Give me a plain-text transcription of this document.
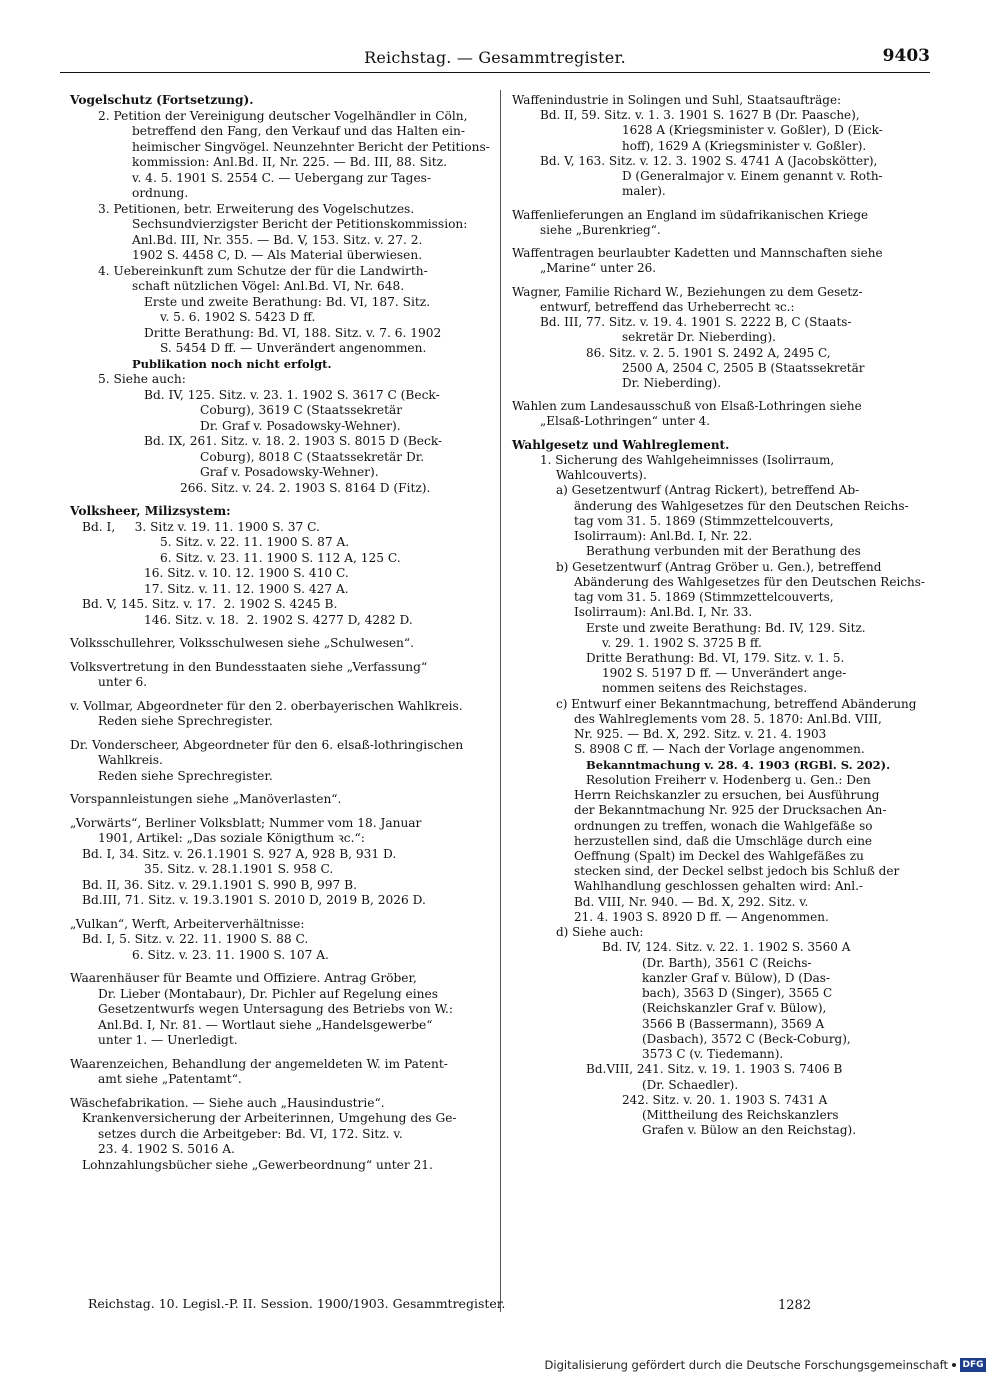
Reichstag. — Gesammtregister.	9403
Vogelschutz (Fortsetzung).
2. Petition der Vereinigung deutscher Vogelhändler in Cöln,
betreffend den Fang, den Verkauf und das Halten ein-
heimischer Singvögel. Neunzehnter Bericht der Petitions-
kommission: Anl.Bd. II, Nr. 225. — Bd. III, 88. Sitz.
v. 4. 5. 1901 S. 2554 C. — Uebergang zur Tages-
ordnung.
3. Petitionen, betr. Erweiterung des Vogelschutzes.
Sechsundvierzigster Bericht der Petitionskommission:
Anl.Bd. III, Nr. 355. — Bd. V, 153. Sitz. v. 27. 2.
1902 S. 4458 C, D. — Als Material überwiesen.
4. Uebereinkunft zum Schutze der für die Landwirth-
schaft nützlichen Vögel: Anl.Bd. VI, Nr. 648.
Erste und zweite Berathung: Bd. VI, 187. Sitz.
v. 5. 6. 1902 S. 5423 D ff.
Dritte Berathung: Bd. VI, 188. Sitz. v. 7. 6. 1902
S. 5454 D ff. — Unverändert angenommen.
Publikation noch nicht erfolgt.
5. Siehe auch:
Bd. IV, 125. Sitz. v. 23. 1. 1902 S. 3617 C (Beck-
Coburg), 3619 C (Staatssekretär
Dr. Graf v. Posadowsky-Wehner).
Bd. IX, 261. Sitz. v. 18. 2. 1903 S. 8015 D (Beck-
Coburg), 8018 C (Staatssekretär Dr.
Graf v. Posadowsky-Wehner).
266. Sitz. v. 24. 2. 1903 S. 8164 D (Fitz).
Volksheer, Milizsystem:
Bd. I,     3. Sitz v. 19. 11. 1900 S. 37 C.
5. Sitz. v. 22. 11. 1900 S. 87 A.
6. Sitz. v. 23. 11. 1900 S. 112 A, 125 C.
16. Sitz. v. 10. 12. 1900 S. 410 C.
17. Sitz. v. 11. 12. 1900 S. 427 A.
Bd. V, 145. Sitz. v. 17.  2. 1902 S. 4245 B.
146. Sitz. v. 18.  2. 1902 S. 4277 D, 4282 D.
Volksschullehrer, Volksschulwesen siehe „Schulwesen“.
Volksvertretung in den Bundesstaaten siehe „Verfassung“
unter 6.
v. Vollmar, Abgeordneter für den 2. oberbayerischen Wahlkreis.
Reden siehe Sprechregister.
Dr. Vonderscheer, Abgeordneter für den 6. elsaß-lothringischen
Wahlkreis.
Reden siehe Sprechregister.
Vorspannleistungen siehe „Manöverlasten“.
„Vorwärts“, Berliner Volksblatt; Nummer vom 18. Januar
1901, Artikel: „Das soziale Königthum ꝛc.“:
Bd. I, 34. Sitz. v. 26.1.1901 S. 927 A, 928 B, 931 D.
35. Sitz. v. 28.1.1901 S. 958 C.
Bd. II, 36. Sitz. v. 29.1.1901 S. 990 B, 997 B.
Bd.III, 71. Sitz. v. 19.3.1901 S. 2010 D, 2019 B, 2026 D.
„Vulkan“, Werft, Arbeiterverhältnisse:
Bd. I, 5. Sitz. v. 22. 11. 1900 S. 88 C.
6. Sitz. v. 23. 11. 1900 S. 107 A.
Waarenhäuser für Beamte und Offiziere. Antrag Gröber,
Dr. Lieber (Montabaur), Dr. Pichler auf Regelung eines
Gesetzentwurfs wegen Untersagung des Betriebs von W.:
Anl.Bd. I, Nr. 81. — Wortlaut siehe „Handelsgewerbe“
unter 1. — Unerledigt.
Waarenzeichen, Behandlung der angemeldeten W. im Patent-
amt siehe „Patentamt“.
Wäschefabrikation. — Siehe auch „Hausindustrie“.
Krankenversicherung der Arbeiterinnen, Umgehung des Ge-
setzes durch die Arbeitgeber: Bd. VI, 172. Sitz. v.
23. 4. 1902 S. 5016 A.
Lohnzahlungsbücher siehe „Gewerbeordnung“ unter 21.
Waffenindustrie in Solingen und Suhl, Staatsaufträge:
Bd. II, 59. Sitz. v. 1. 3. 1901 S. 1627 B (Dr. Paasche),
1628 A (Kriegsminister v. Goßler), D (Eick-
hoff), 1629 A (Kriegsminister v. Goßler).
Bd. V, 163. Sitz. v. 12. 3. 1902 S. 4741 A (Jacobskötter),
D (Generalmajor v. Einem genannt v. Roth-
maler).
Waffenlieferungen an England im südafrikanischen Kriege
siehe „Burenkrieg“.
Waffentragen beurlaubter Kadetten und Mannschaften siehe
„Marine“ unter 26.
Wagner, Familie Richard W., Beziehungen zu dem Gesetz-
entwurf, betreffend das Urheberrecht ꝛc.:
Bd. III, 77. Sitz. v. 19. 4. 1901 S. 2222 B, C (Staats-
sekretär Dr. Nieberding).
86. Sitz. v. 2. 5. 1901 S. 2492 A, 2495 C,
2500 A, 2504 C, 2505 B (Staatssekretär
Dr. Nieberding).
Wahlen zum Landesausschuß von Elsaß-Lothringen siehe
„Elsaß-Lothringen“ unter 4.
Wahlgesetz und Wahlreglement.
1. Sicherung des Wahlgeheimnisses (Isolirraum,
Wahlcouverts).
a) Gesetzentwurf (Antrag Rickert), betreffend Ab-
änderung des Wahlgesetzes für den Deutschen Reichs-
tag vom 31. 5. 1869 (Stimmzettelcouverts,
Isolirraum): Anl.Bd. I, Nr. 22.
Berathung verbunden mit der Berathung des
b) Gesetzentwurf (Antrag Gröber u. Gen.), betreffend
Abänderung des Wahlgesetzes für den Deutschen Reichs-
tag vom 31. 5. 1869 (Stimmzettelcouverts,
Isolirraum): Anl.Bd. I, Nr. 33.
Erste und zweite Berathung: Bd. IV, 129. Sitz.
v. 29. 1. 1902 S. 3725 B ff.
Dritte Berathung: Bd. VI, 179. Sitz. v. 1. 5.
1902 S. 5197 D ff. — Unverändert ange-
nommen seitens des Reichstages.
c) Entwurf einer Bekanntmachung, betreffend Abänderung
des Wahlreglements vom 28. 5. 1870: Anl.Bd. VIII,
Nr. 925. — Bd. X, 292. Sitz. v. 21. 4. 1903
S. 8908 C ff. — Nach der Vorlage angenommen.
Bekanntmachung v. 28. 4. 1903 (RGBl. S. 202).
Resolution Freiherr v. Hodenberg u. Gen.: Den
Herrn Reichskanzler zu ersuchen, bei Ausführung
der Bekanntmachung Nr. 925 der Drucksachen An-
ordnungen zu treffen, wonach die Wahlgefäße so
herzustellen sind, daß die Umschläge durch eine
Oeffnung (Spalt) im Deckel des Wahlgefäßes zu
stecken sind, der Deckel selbst jedoch bis Schluß der
Wahlhandlung geschlossen gehalten wird: Anl.-
Bd. VIII, Nr. 940. — Bd. X, 292. Sitz. v.
21. 4. 1903 S. 8920 D ff. — Angenommen.
d) Siehe auch:
Bd. IV, 124. Sitz. v. 22. 1. 1902 S. 3560 A
(Dr. Barth), 3561 C (Reichs-
kanzler Graf v. Bülow), D (Das-
bach), 3563 D (Singer), 3565 C
(Reichskanzler Graf v. Bülow),
3566 B (Bassermann), 3569 A
(Dasbach), 3572 C (Beck-Coburg),
3573 C (v. Tiedemann).
Bd.VIII, 241. Sitz. v. 19. 1. 1903 S. 7406 B
(Dr. Schaedler).
242. Sitz. v. 20. 1. 1903 S. 7431 A
(Mittheilung des Reichskanzlers
Grafen v. Bülow an den Reichstag).
Reichstag. 10. Legisl.-P. II. Session. 1900/1903. Gesammtregister.	1282
Digitalisierung gefördert durch die Deutsche Forschungsgemeinschaft DFG
